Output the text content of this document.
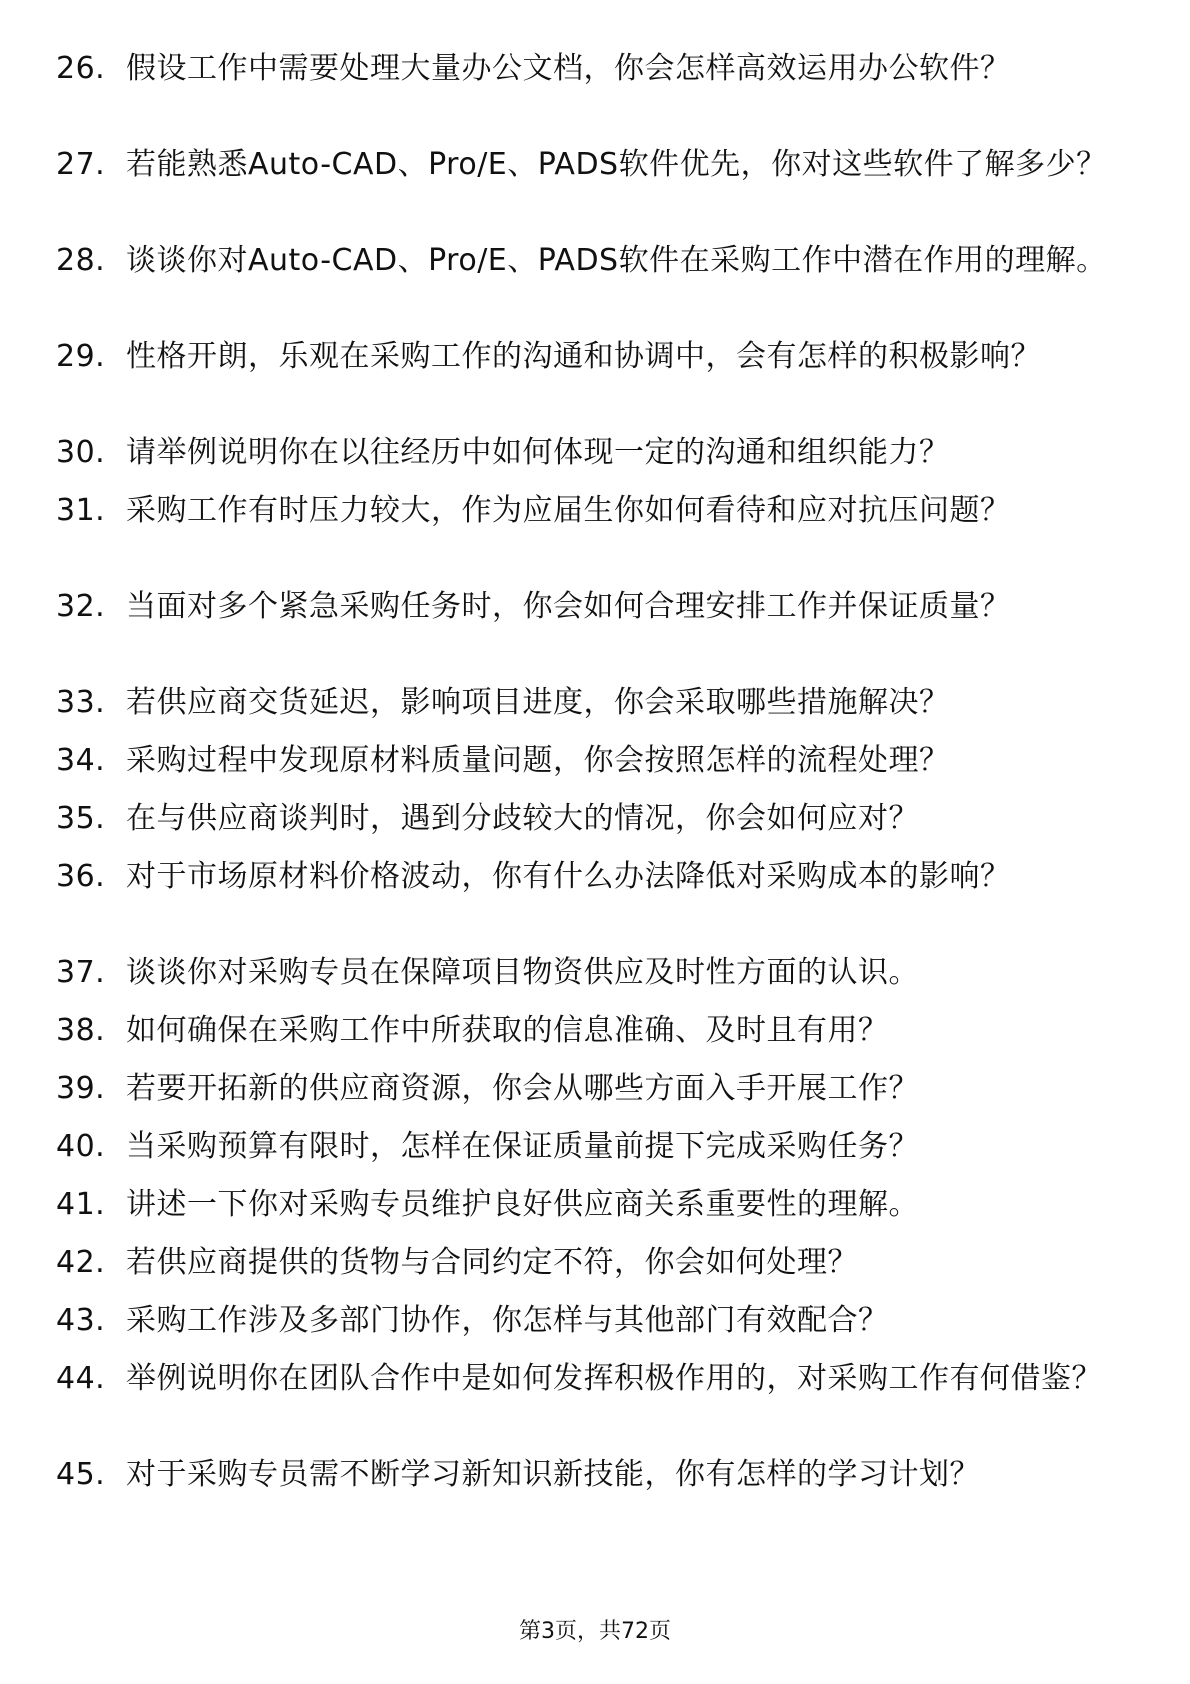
26. 假设工作中需要处理大量办公文档，你会怎样高效运用办公软件？
27. 若能熟悉Auto-CAD、Pro/E、PADS软件优先，你对这些软件了解多少？
28. 谈谈你对Auto-CAD、Pro/E、PADS软件在采购工作中潜在作用的理解。
29. 性格开朗，乐观在采购工作的沟通和协调中，会有怎样的积极影响？
30. 请举例说明你在以往经历中如何体现一定的沟通和组织能力？
31. 采购工作有时压力较大，作为应届生你如何看待和应对抗压问题？
32. 当面对多个紧急采购任务时，你会如何合理安排工作并保证质量？
33. 若供应商交货延迟，影响项目进度，你会采取哪些措施解决？
34. 采购过程中发现原材料质量问题，你会按照怎样的流程处理？
35. 在与供应商谈判时，遇到分歧较大的情况，你会如何应对？
36. 对于市场原材料价格波动，你有什么办法降低对采购成本的影响？
37. 谈谈你对采购专员在保障项目物资供应及时性方面的认识。
38. 如何确保在采购工作中所获取的信息准确、及时且有用？
39. 若要开拓新的供应商资源，你会从哪些方面入手开展工作？
40. 当采购预算有限时，怎样在保证质量前提下完成采购任务？
41. 讲述一下你对采购专员维护良好供应商关系重要性的理解。
42. 若供应商提供的货物与合同约定不符，你会如何处理？
43. 采购工作涉及多部门协作，你怎样与其他部门有效配合？
44. 举例说明你在团队合作中是如何发挥积极作用的，对采购工作有何借鉴？
45. 对于采购专员需不断学习新知识新技能，你有怎样的学习计划？
第3页，共72页
